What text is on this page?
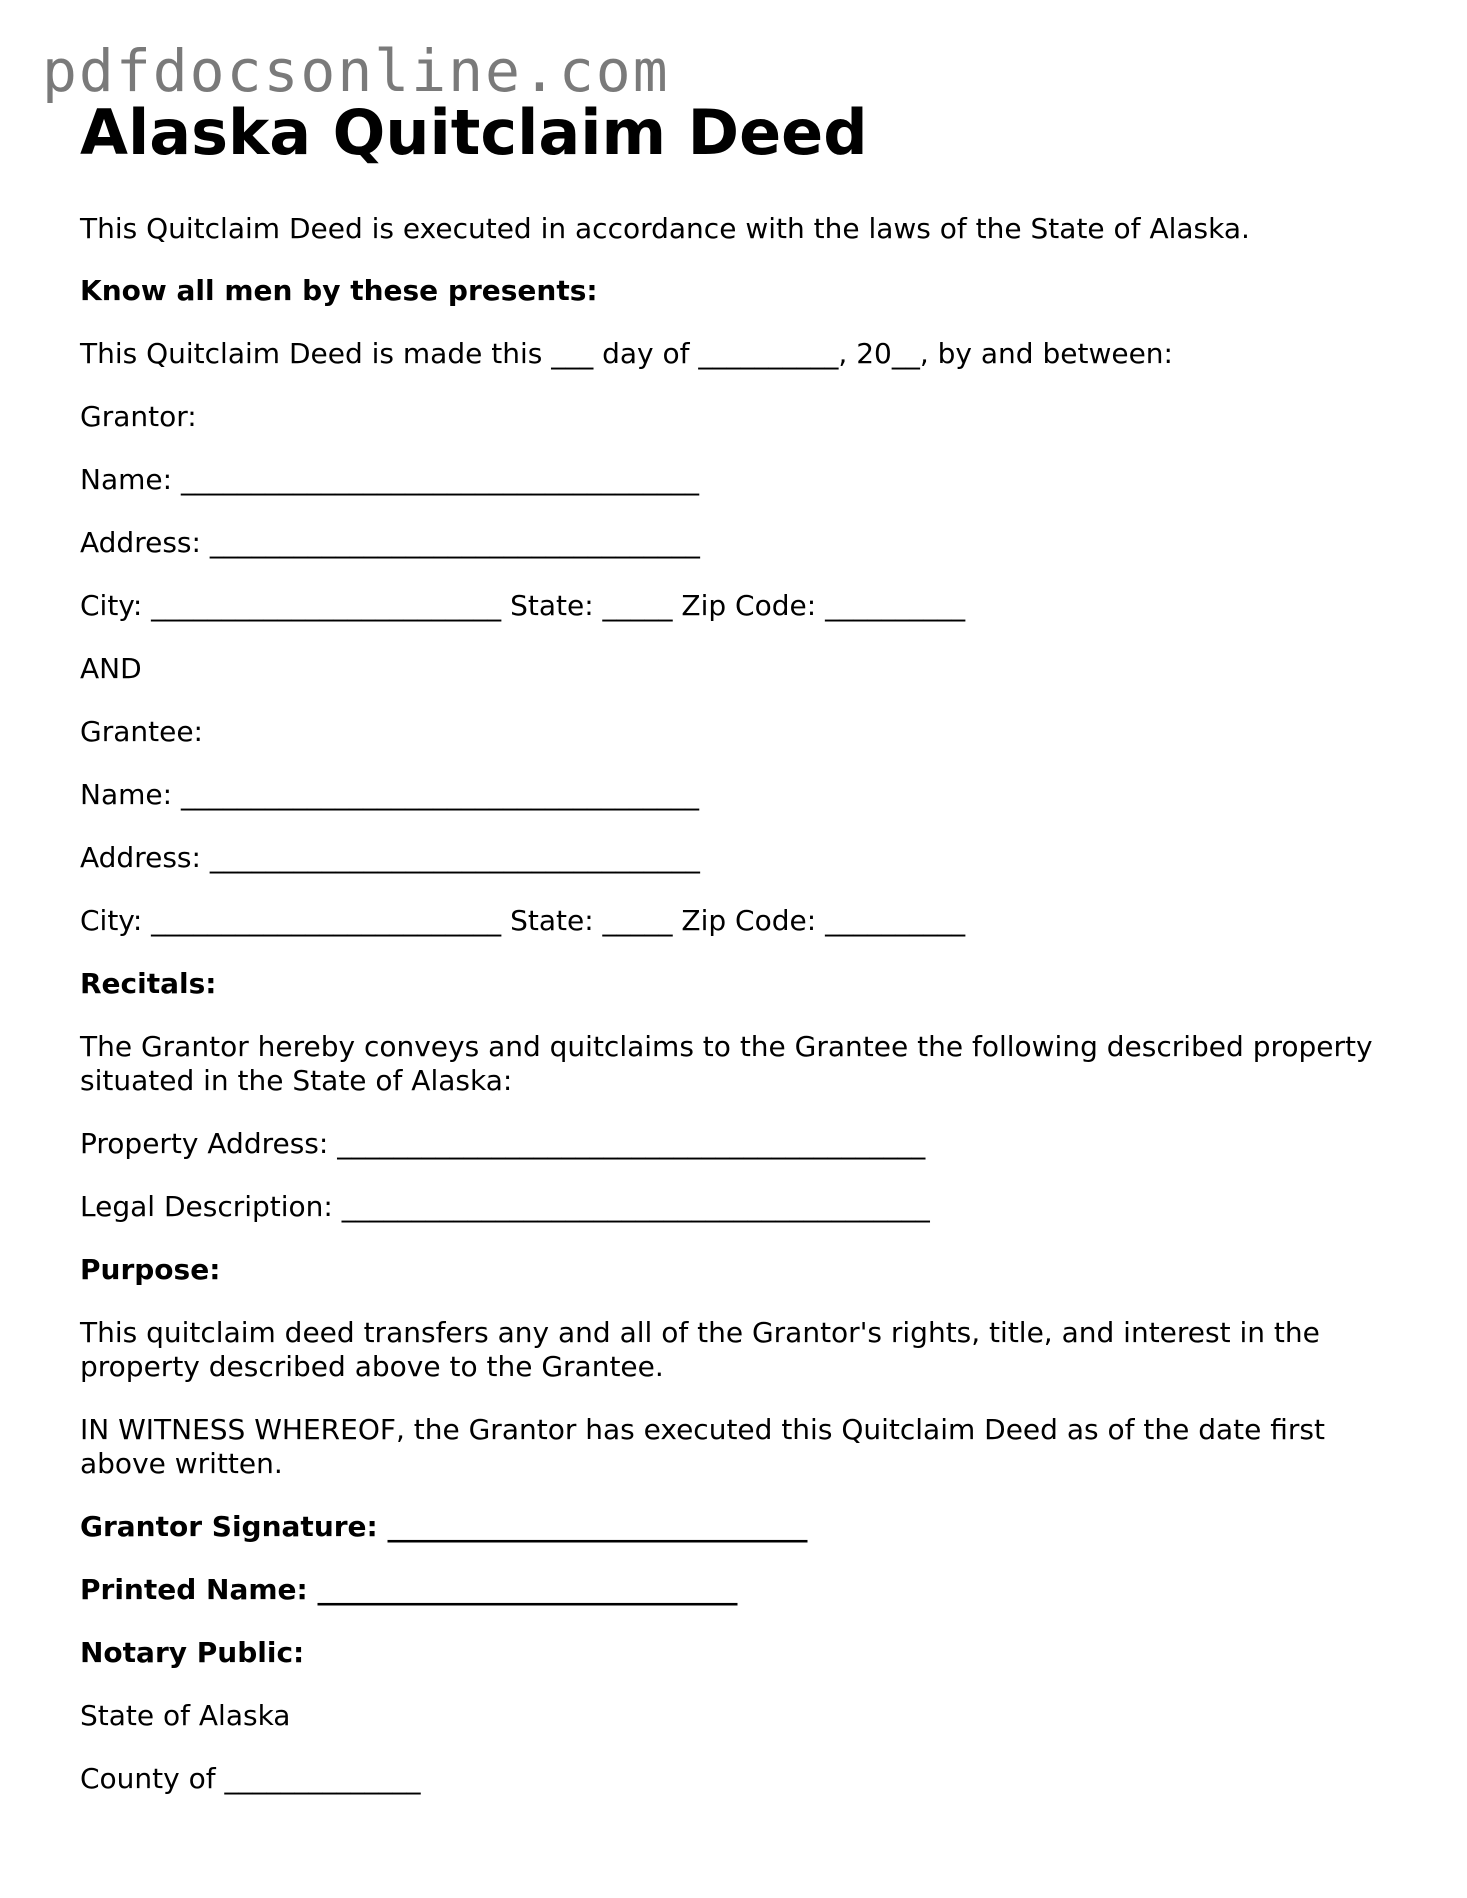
pdfdocsonline.com
Alaska Quitclaim Deed
This Quitclaim Deed is executed in accordance with the laws of the State of Alaska.
Know all men by these presents:
This Quitclaim Deed is made this ___ day of __________, 20__, by and between:
Grantor:
Name: _____________________________________
Address: ___________________________________
City: _________________________ State: _____ Zip Code: __________
AND
Grantee:
Name: _____________________________________
Address: ___________________________________
City: _________________________ State: _____ Zip Code: __________
Recitals:
The Grantor hereby conveys and quitclaims to the Grantee the following described property situated in the State of Alaska:
Property Address: __________________________________________
Legal Description: __________________________________________
Purpose:
This quitclaim deed transfers any and all of the Grantor's rights, title, and interest in the property described above to the Grantee.
IN WITNESS WHEREOF, the Grantor has executed this Quitclaim Deed as of the date first above written.
Grantor Signature: ______________________________
Printed Name: ______________________________
Notary Public:
State of Alaska
County of ______________
